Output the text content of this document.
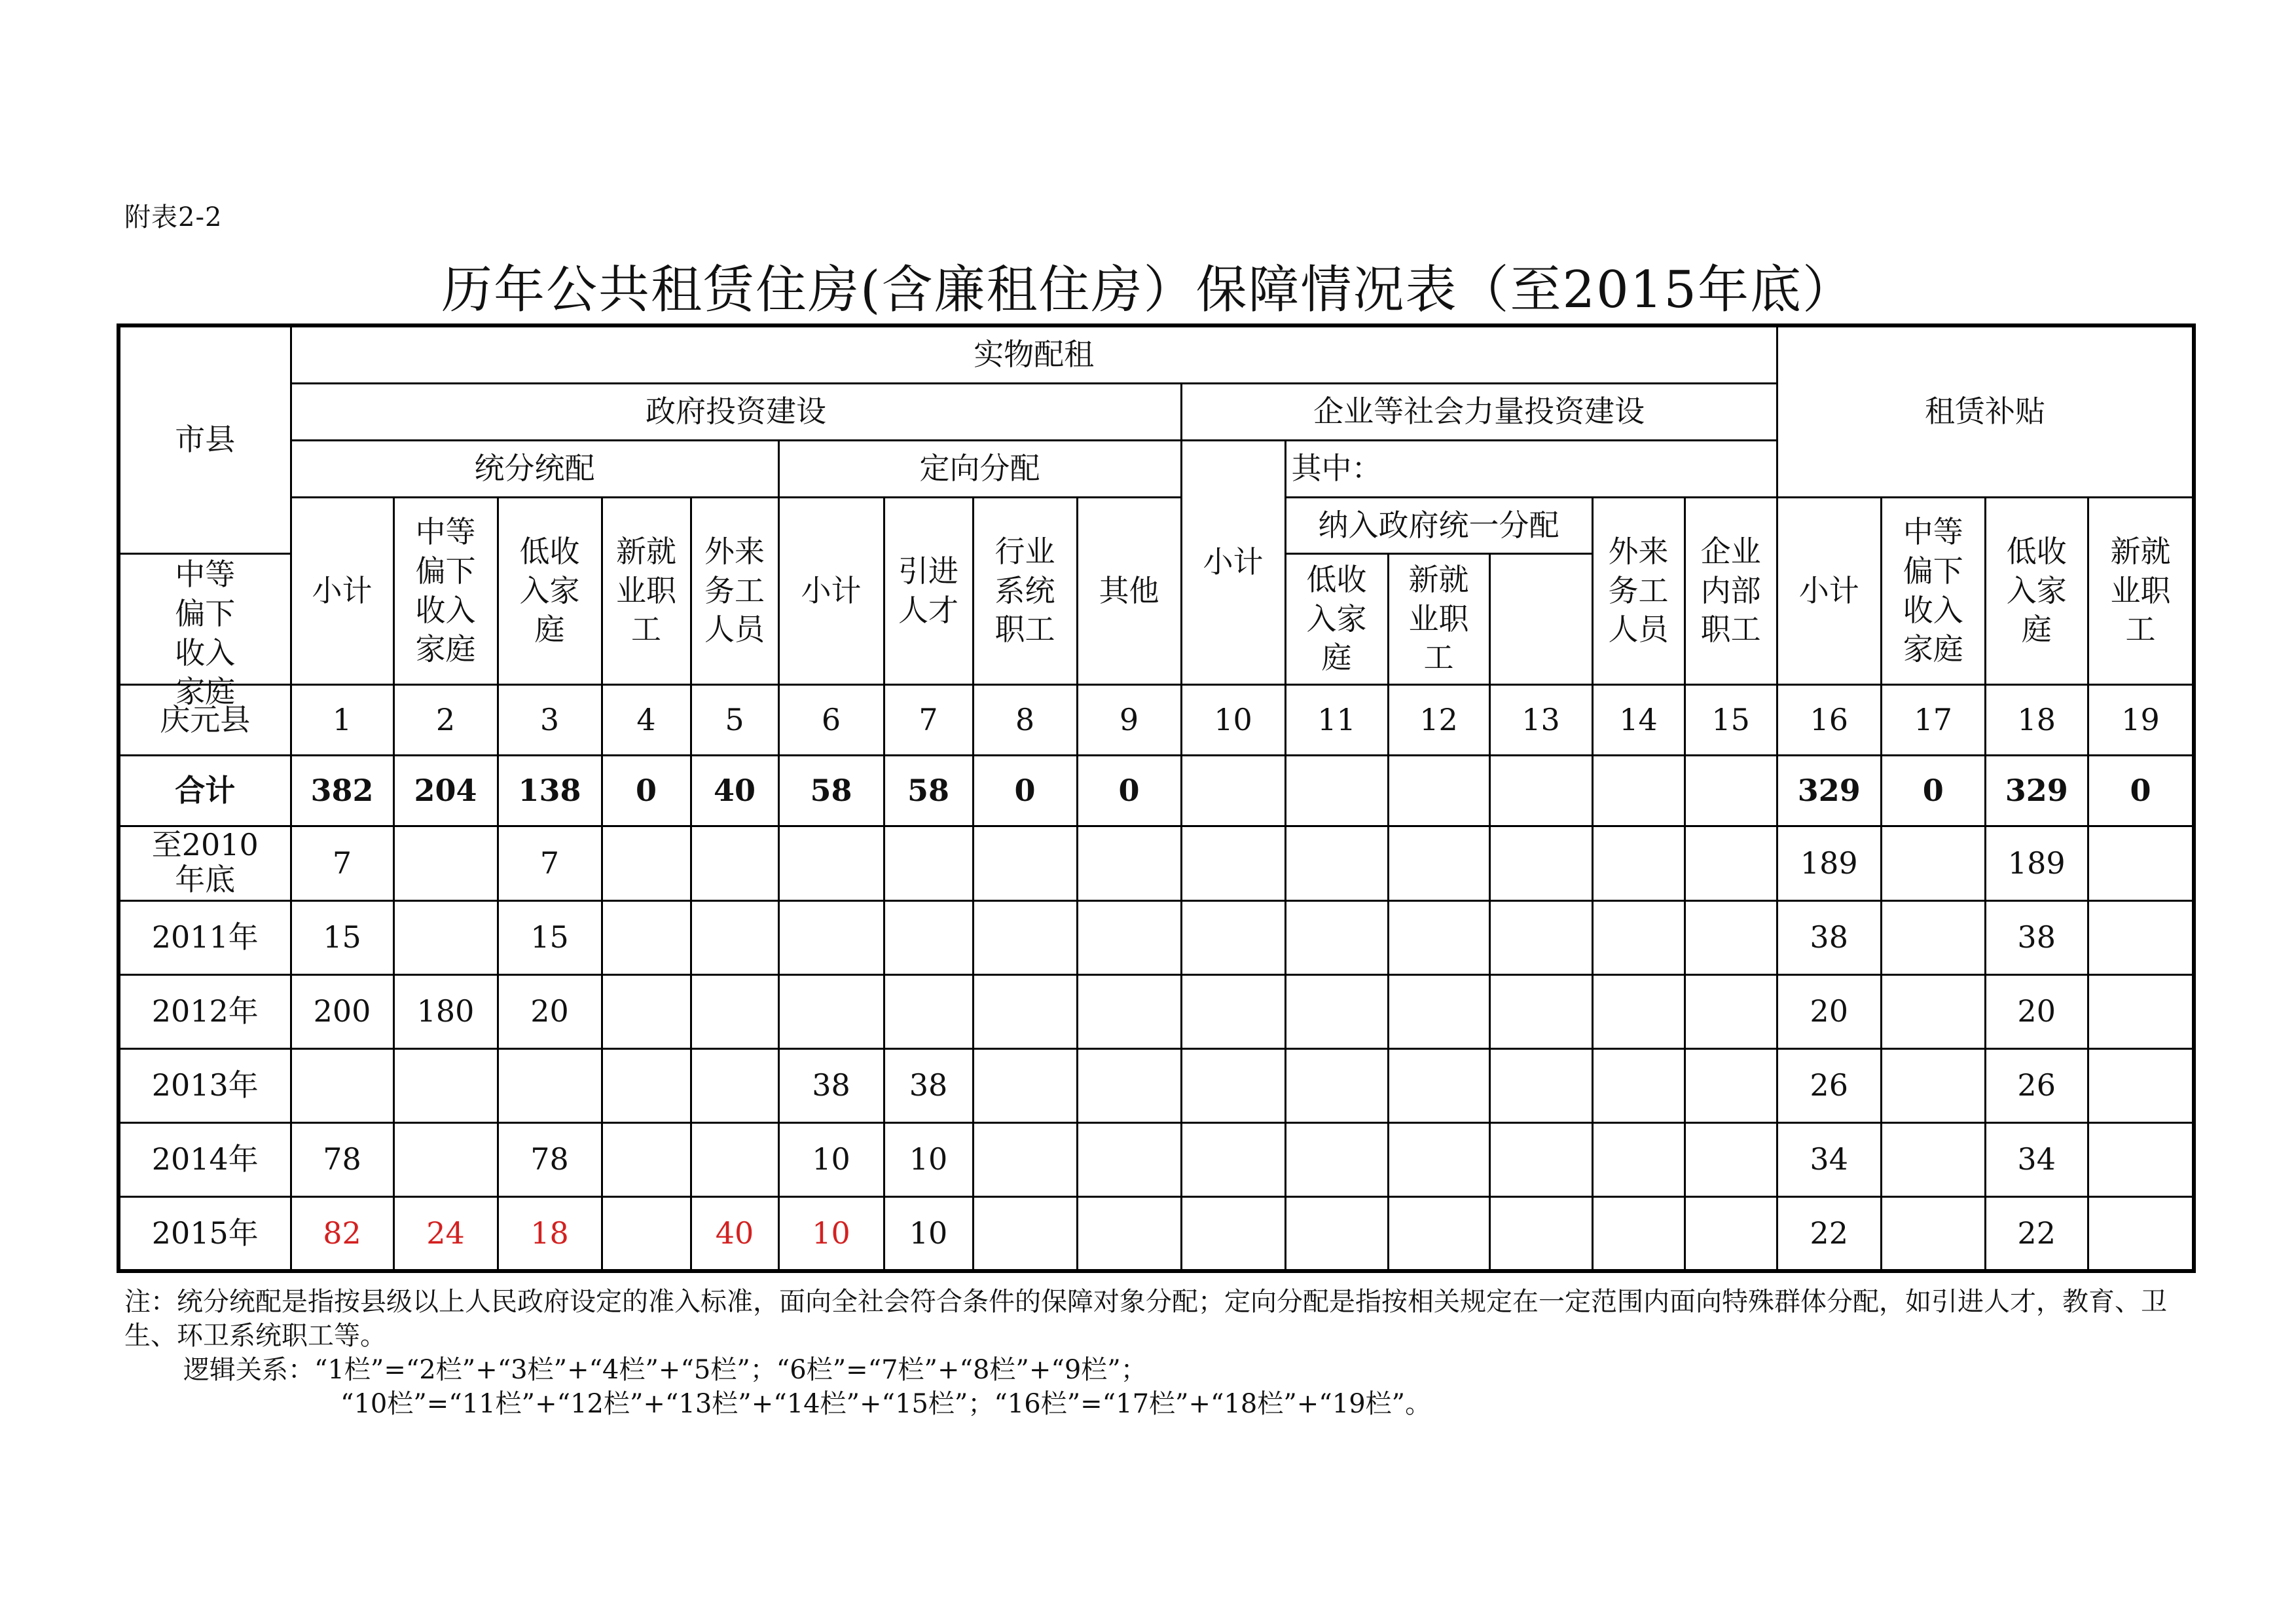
附表2-2
历年公共租赁住房(含廉租住房）保障情况表（至2015年底）
市县	实物配租															租赁补贴			
	政府投资建设									企业等社会力量投资建设									
	统分统配					定向分配				小计	其中：								
	小计	中等偏下收入家庭	低收入家庭	新就业职工	外来务工人员	小计	引进人才	行业系统职工	其他		纳入政府统一分配			外来务工人员	企业内部职工	小计	中等偏下收入家庭	低收入家庭	新就业职工
中等偏下收入家庭											低收入家庭	新就业职工							
庆元县	1	2	3	4	5	6	7	8	9	10	11	12	13	14	15	16	17	18	19
合计	382	204	138	0	40	58	58	0	0							329	0	329	0
至2010年底	7		7													189		189	
2011年	15		15													38		38	
2012年	200	180	20													20		20	
2013年						38	38									26		26	
2014年	78		78			10	10									34		34	
2015年	82	24	18		40	10	10									22		22	

注：统分统配是指按县级以上人民政府设定的准入标准，面向全社会符合条件的保障对象分配；定向分配是指按相关规定在一定范围内面向特殊群体分配，如引进人才，教育、卫生、环卫系统职工等。

逻辑关系：“1栏”=“2栏”+“3栏”+“4栏”+“5栏”；“6栏”=“7栏”+“8栏”+“9栏”；

“10栏”=“11栏”+“12栏”+“13栏”+“14栏”+“15栏”；“16栏”=“17栏”+“18栏”+“19栏”。
